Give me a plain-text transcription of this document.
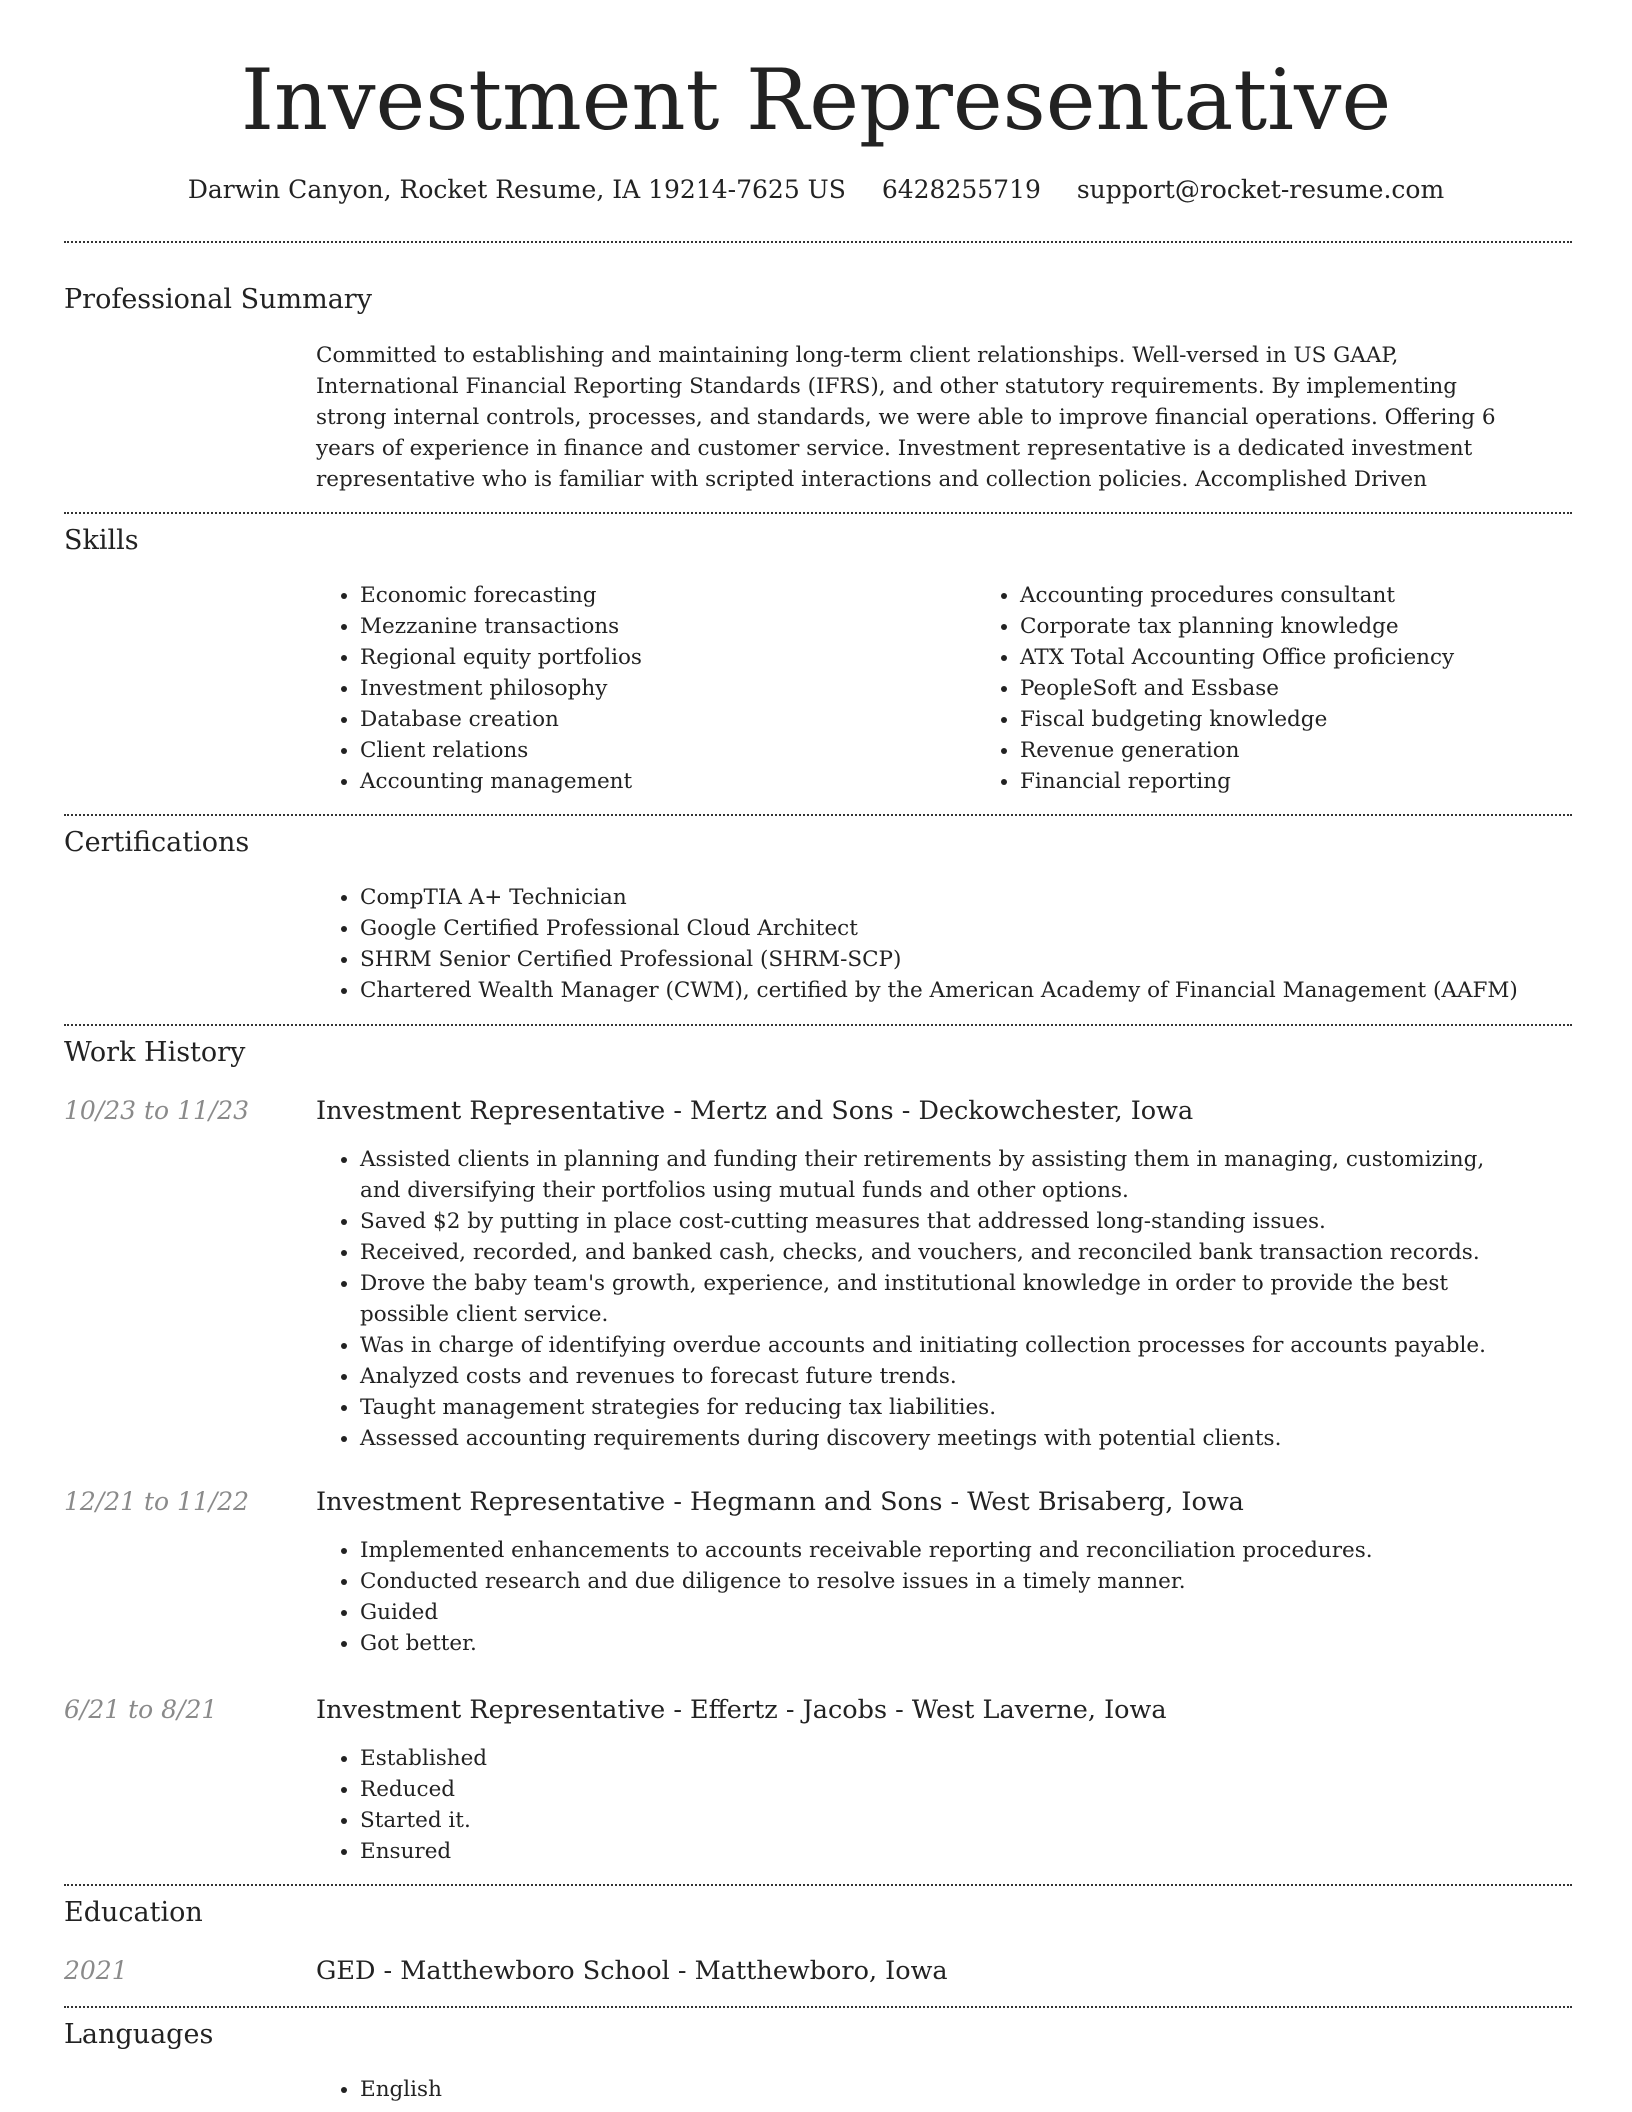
Investment Representative
Darwin Canyon, Rocket Resume, IA 19214-7625 US 6428255719 support@rocket-resume.com
Professional Summary

Committed to establishing and maintaining long-term client relationships. Well-versed in US GAAP, International Financial Reporting Standards (IFRS), and other statutory requirements. By implementing strong internal controls, processes, and standards, we were able to improve financial operations. Offering 6 years of experience in finance and customer service. Investment representative is a dedicated investment representative who is familiar with scripted interactions and collection policies. Accomplished Driven

Skills
• Economic forecasting
• Mezzanine transactions
• Regional equity portfolios
• Investment philosophy
• Database creation
• Client relations
• Accounting management
• Accounting procedures consultant
• Corporate tax planning knowledge
• ATX Total Accounting Office proficiency
• PeopleSoft and Essbase
• Fiscal budgeting knowledge
• Revenue generation
• Financial reporting
Certifications
• CompTIA A+ Technician
• Google Certified Professional Cloud Architect
• SHRM Senior Certified Professional (SHRM-SCP)
• Chartered Wealth Manager (CWM), certified by the American Academy of Financial Management (AAFM)
Work History
10/23 to 11/23	Investment Representative - Mertz and Sons - Deckowchester, Iowa
• Assisted clients in planning and funding their retirements by assisting them in managing, customizing, and diversifying their portfolios using mutual funds and other options.
• Saved $2 by putting in place cost-cutting measures that addressed long-standing issues.
• Received, recorded, and banked cash, checks, and vouchers, and reconciled bank transaction records.
• Drove the baby team's growth, experience, and institutional knowledge in order to provide the best possible client service.
• Was in charge of identifying overdue accounts and initiating collection processes for accounts payable.
• Analyzed costs and revenues to forecast future trends.
• Taught management strategies for reducing tax liabilities.
• Assessed accounting requirements during discovery meetings with potential clients.
12/21 to 11/22	Investment Representative - Hegmann and Sons - West Brisaberg, Iowa
• Implemented enhancements to accounts receivable reporting and reconciliation procedures.
• Conducted research and due diligence to resolve issues in a timely manner.
• Guided
• Got better.
6/21 to 8/21	Investment Representative - Effertz - Jacobs - West Laverne, Iowa
• Established
• Reduced
• Started it.
• Ensured
Education
2021	GED - Matthewboro School - Matthewboro, Iowa
Languages
• English
